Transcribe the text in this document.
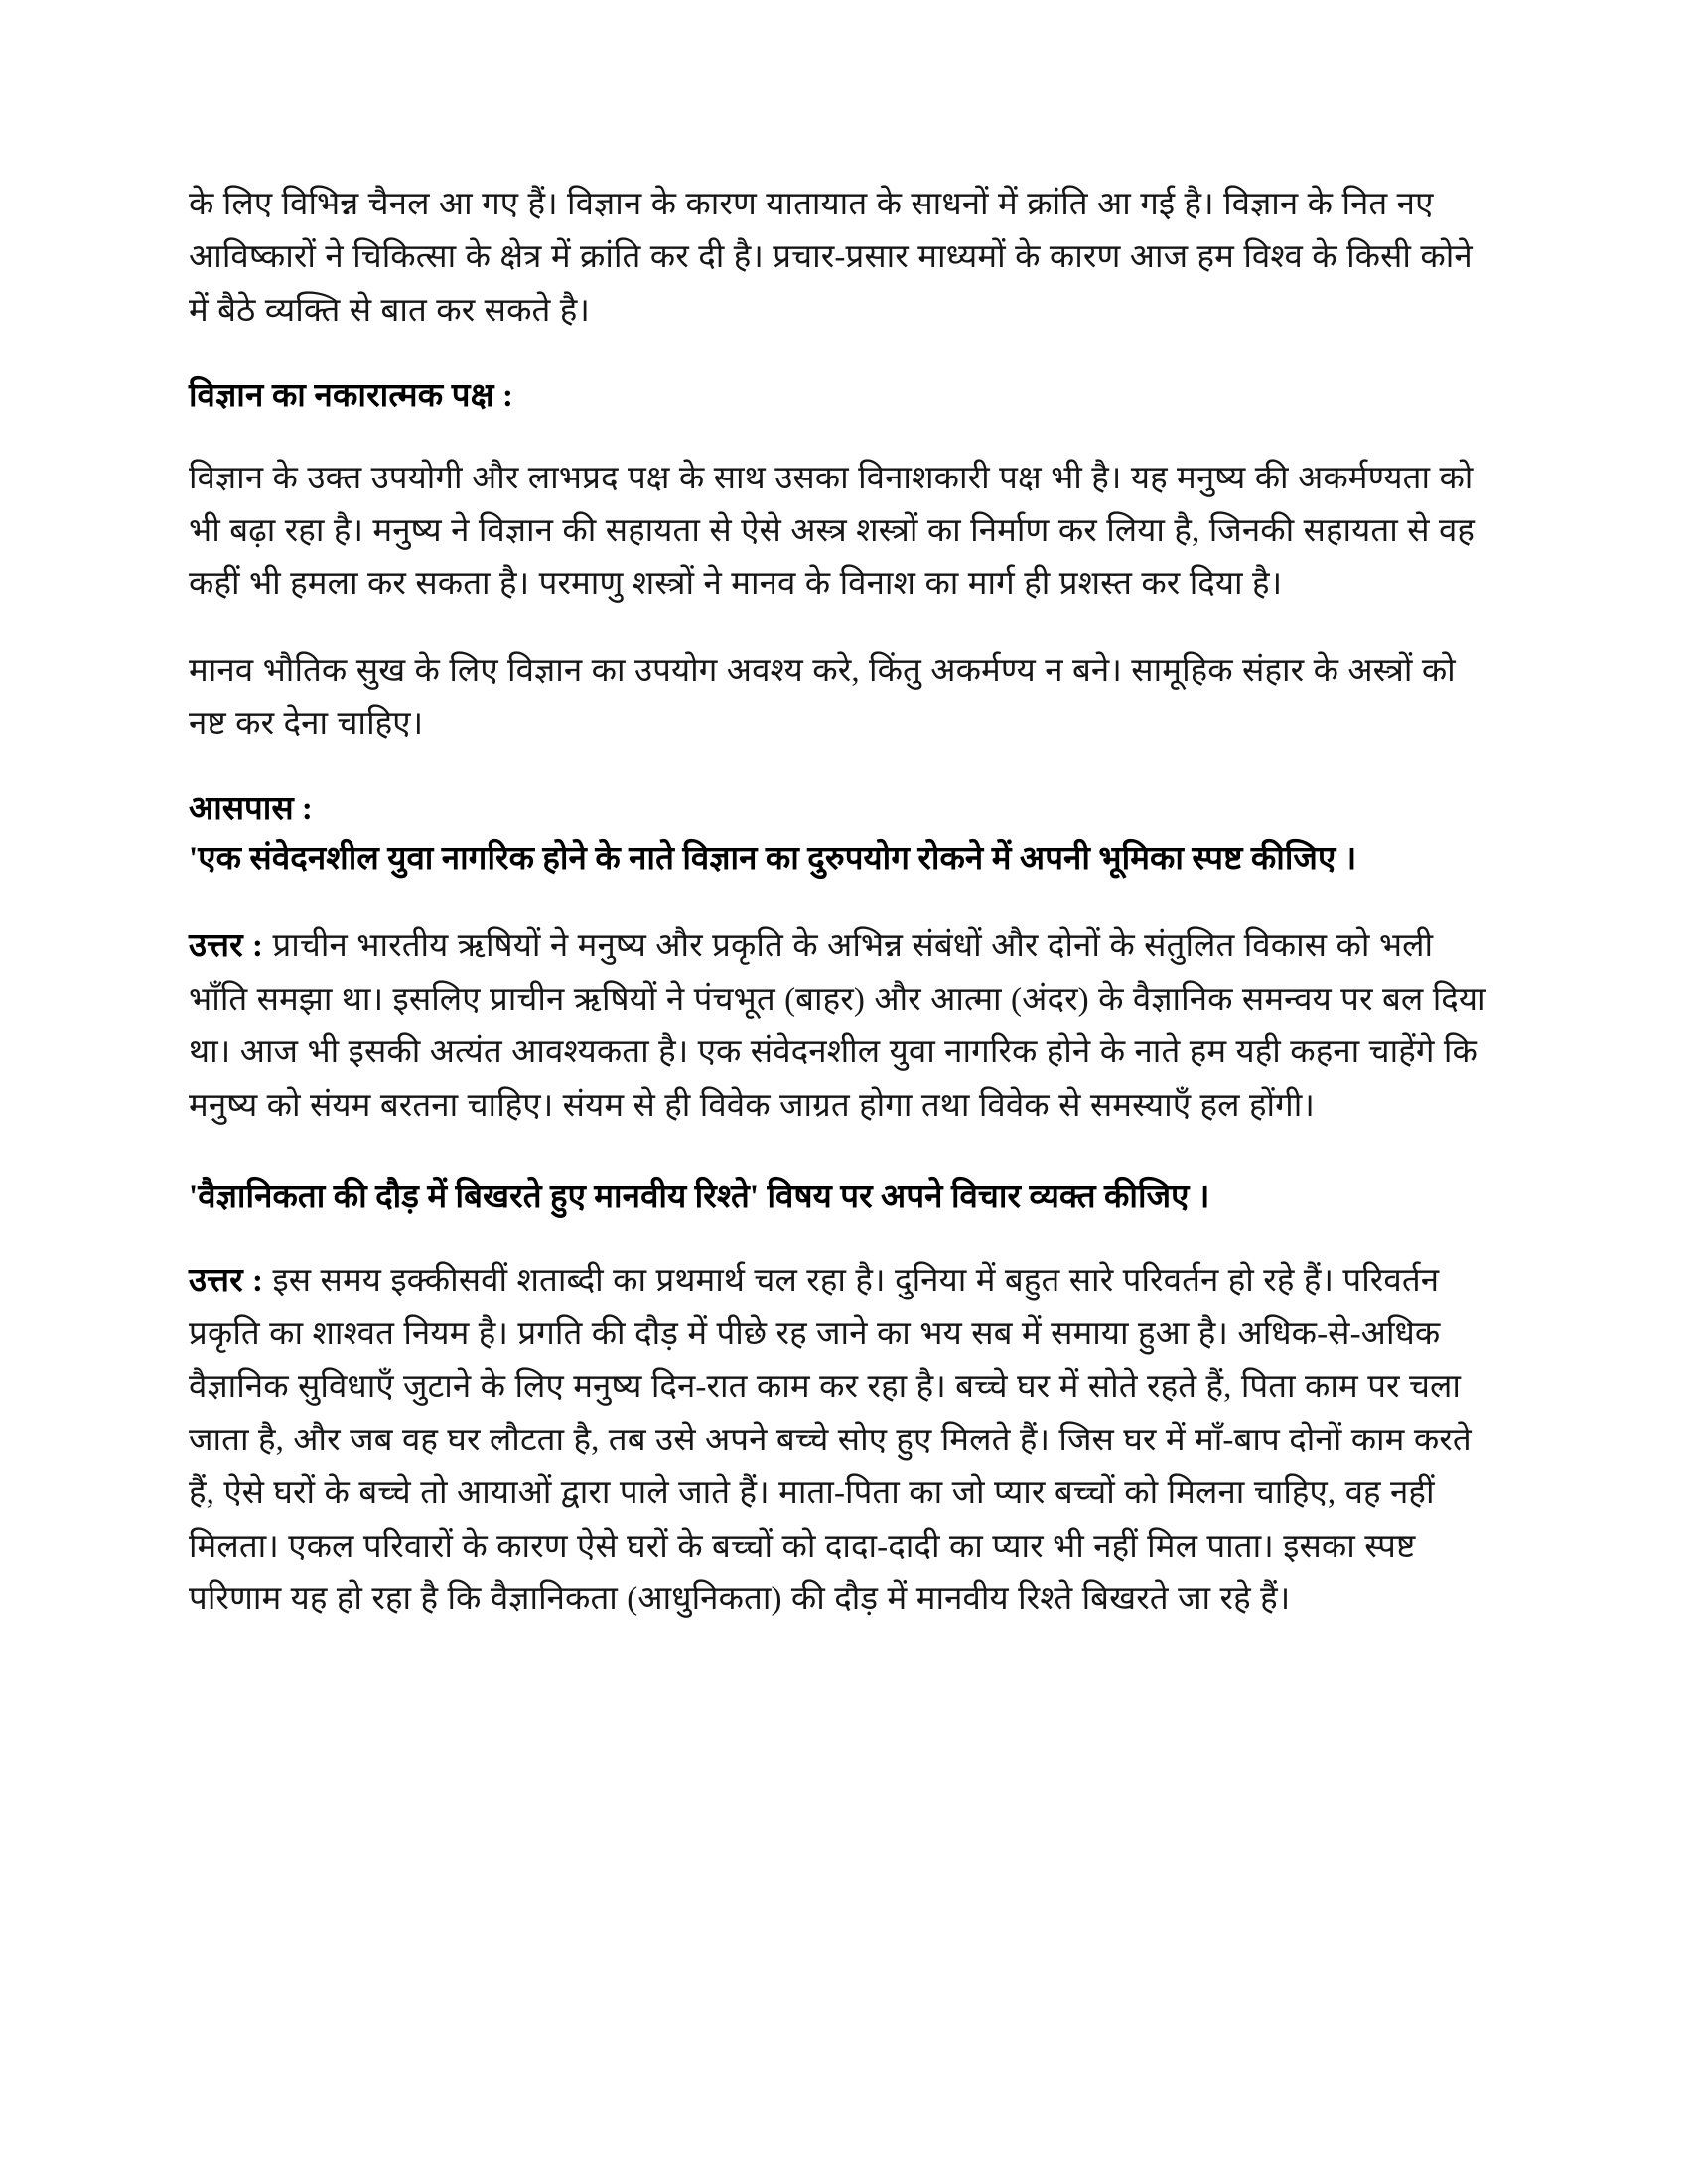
के लिए विभिन्न चैनल आ गए हैं। विज्ञान के कारण यातायात के साधनों में क्रांति आ गई है। विज्ञान के नित नए आविष्कारों ने चिकित्सा के क्षेत्र में क्रांति कर दी है। प्रचार-प्रसार माध्यमों के कारण आज हम विश्व के किसी कोने में बैठे व्यक्ति से बात कर सकते है।

विज्ञान का नकारात्मक पक्ष :

विज्ञान के उक्त उपयोगी और लाभप्रद पक्ष के साथ उसका विनाशकारी पक्ष भी है। यह मनुष्य की अकर्मण्यता को भी बढ़ा रहा है। मनुष्य ने विज्ञान की सहायता से ऐसे अस्त्र शस्त्रों का निर्माण कर लिया है, जिनकी सहायता से वह कहीं भी हमला कर सकता है। परमाणु शस्त्रों ने मानव के विनाश का मार्ग ही प्रशस्त कर दिया है।

मानव भौतिक सुख के लिए विज्ञान का उपयोग अवश्य करे, किंतु अकर्मण्य न बने। सामूहिक संहार के अस्त्रों को नष्ट कर देना चाहिए।

आसपास :

'एक संवेदनशील युवा नागरिक होने के नाते विज्ञान का दुरुपयोग रोकने में अपनी भूमिका स्पष्ट कीजिए ।

उत्तर : प्राचीन भारतीय ऋषियों ने मनुष्य और प्रकृति के अभिन्न संबंधों और दोनों के संतुलित विकास को भली भाँति समझा था। इसलिए प्राचीन ऋषियों ने पंचभूत (बाहर) और आत्मा (अंदर) के वैज्ञानिक समन्वय पर बल दिया था। आज भी इसकी अत्यंत आवश्यकता है। एक संवेदनशील युवा नागरिक होने के नाते हम यही कहना चाहेंगे कि मनुष्य को संयम बरतना चाहिए। संयम से ही विवेक जाग्रत होगा तथा विवेक से समस्याएँ हल होंगी।

'वैज्ञानिकता की दौड़ में बिखरते हुए मानवीय रिश्ते' विषय पर अपने विचार व्यक्त कीजिए ।

उत्तर : इस समय इक्कीसवीं शताब्दी का प्रथमार्थ चल रहा है। दुनिया में बहुत सारे परिवर्तन हो रहे हैं। परिवर्तन प्रकृति का शाश्वत नियम है। प्रगति की दौड़ में पीछे रह जाने का भय सब में समाया हुआ है। अधिक-से-अधिक वैज्ञानिक सुविधाएँ जुटाने के लिए मनुष्य दिन-रात काम कर रहा है। बच्चे घर में सोते रहते हैं, पिता काम पर चला जाता है, और जब वह घर लौटता है, तब उसे अपने बच्चे सोए हुए मिलते हैं। जिस घर में माँ-बाप दोनों काम करते हैं, ऐसे घरों के बच्चे तो आयाओं द्वारा पाले जाते हैं। माता-पिता का जो प्यार बच्चों को मिलना चाहिए, वह नहीं मिलता। एकल परिवारों के कारण ऐसे घरों के बच्चों को दादा-दादी का प्यार भी नहीं मिल पाता। इसका स्पष्ट परिणाम यह हो रहा है कि वैज्ञानिकता (आधुनिकता) की दौड़ में मानवीय रिश्ते बिखरते जा रहे हैं।
